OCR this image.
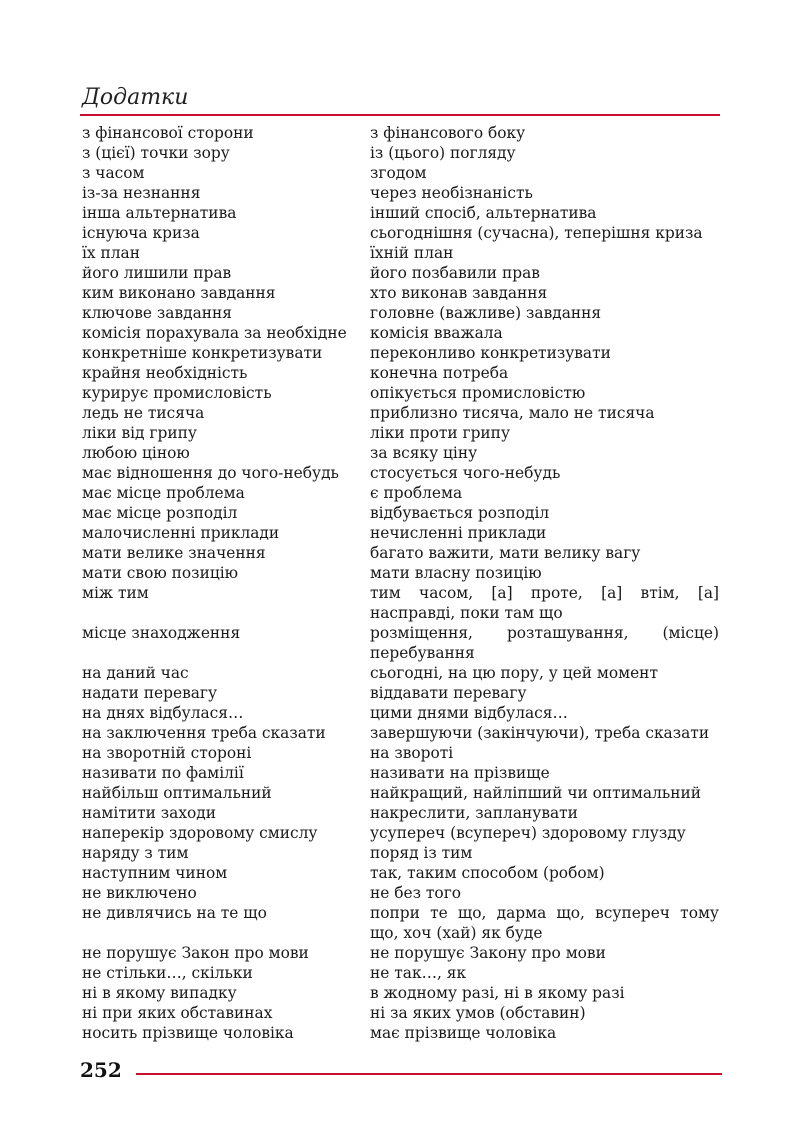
Додатки
з фінансової сторони	з фінансового боку
з (цієї) точки зору	із (цього) погляду
з часом	згодом
із-за незнання	через необізнаність
інша альтернатива	інший спосіб, альтернатива
існуюча криза	сьогоднішня (сучасна), теперішня криза
їх план	їхній план
його лишили прав	його позбавили прав
ким виконано завдання	хто виконав завдання
ключове завдання	головне (важливе) завдання
комісія порахувала за необхідне	комісія вважала
конкретніше конкретизувати	переконливо конкретизувати
крайня необхідність	конечна потреба
курирує промисловість	опікується промисловістю
ледь не тисяча	приблизно тисяча, мало не тисяча
ліки від грипу	ліки проти грипу
любою ціною	за всяку ціну
має відношення до чого-небудь	стосується чого-небудь
має місце проблема	є проблема
має місце розподіл	відбувається розподіл
малочисленні приклади	нечисленні приклади
мати велике значення	багато важити, мати велику вагу
мати свою позицію	мати власну позицію
між тим	тим часом, [а] проте, [а] втім, [а] насправді, поки там що
місце знаходження	розміщення, розташування, (місце) перебування
на даний час	сьогодні, на цю пору, у цей момент
надати перевагу	віддавати перевагу
на днях відбулася…	цими днями відбулася…
на заключення треба сказати	завершуючи (закінчуючи), треба сказати
на зворотній стороні	на звороті
називати по фамілії	називати на прізвище
найбільш оптимальний	найкращий, найліпший чи оптимальний
намітити заходи	накреслити, запланувати
наперекір здоровому смислу	усупереч (всупереч) здоровому глузду
наряду з тим	поряд із тим
наступним чином	так, таким способом (робом)
не виключено	не без того
не дивлячись на те що	попри те що, дарма що, всупереч тому що, хоч (хай) як буде
не порушує Закон про мови	не порушує Закону про мови
не стільки…, скільки	не так…, як
ні в якому випадку	в жодному разі, ні в якому разі
ні при яких обставинах	ні за яких умов (обставин)
носить прізвище чоловіка	має прізвище чоловіка
252
